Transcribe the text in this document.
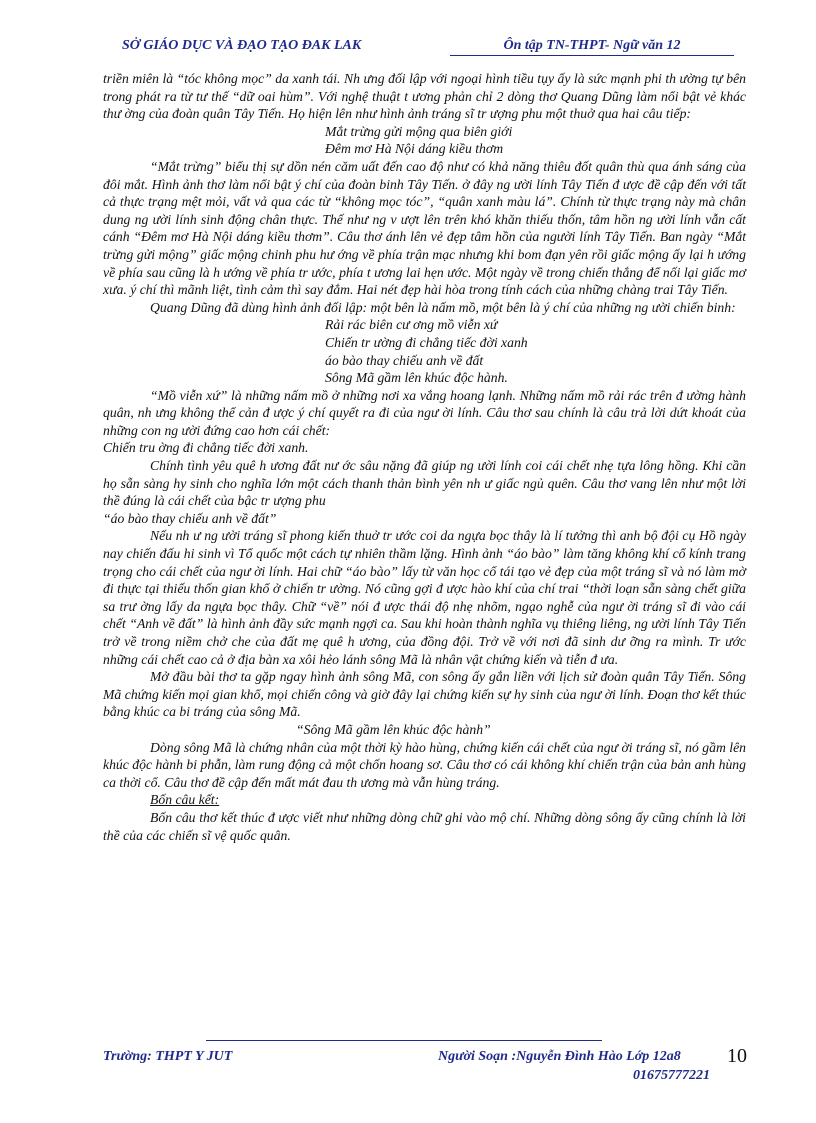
SỞ GIÁO DỤC VÀ ĐẠO TẠO ĐAK LAK	Ôn tập TN-THPT- Ngữ văn 12

triền miên là “tóc không mọc” da xanh tái. Nh ưng đối lập với ngoại hình tiều tụy ấy là sức mạnh phi th ường tự bên trong phát ra từ tư thế “dữ oai hùm”. Với nghệ thuật t ương phản chỉ 2 dòng thơ Quang Dũng làm nổi bật vẻ khác thư ờng của đoàn quân Tây Tiến. Họ hiện lên như hình ảnh tráng sĩ tr ượng phu một thuở qua hai câu tiếp:

Mắt trừng gửi mộng qua biên giới

Đêm mơ Hà Nội dáng kiều thơm

“Mắt trừng” biểu thị sự dồn nén căm uất đến cao độ như có khả năng thiêu đốt quân thù qua ánh sáng của đôi mắt. Hình ảnh thơ làm nổi bật ý chí của đoàn binh Tây Tiến. ở đây ng ười lính Tây Tiến đ ược đề cập đến với tất cả thực trạng mệt mỏi, vất vả qua các từ “không mọc tóc”, “quân xanh màu lá”. Chính từ thực trạng này mà chân dung ng ười lính sinh động chân thực. Thế như ng v ượt lên trên khó khăn thiếu thốn, tâm hồn ng ười lính vẫn cất cánh “Đêm mơ Hà Nội dáng kiều thơm”. Câu thơ ánh lên vẻ đẹp tâm hồn của người lính Tây Tiến. Ban ngày “Mắt trừng gửi mộng” giấc mộng chinh phu hư ớng về phía trận mạc nhưng khi bom đạn yên rồi giấc mộng ấy lại h ướng về phía sau cũng là h ướng về phía tr ước, phía t ương lai hẹn ước. Một ngày về trong chiến thắng để nối lại giấc mơ xưa. ý chí thì mãnh liệt, tình cảm thì say đắm. Hai nét đẹp hài hòa trong tính cách của những chàng trai Tây Tiến.

Quang Dũng đã dùng hình ảnh đối lập: một bên là nấm mồ, một bên là ý chí của những ng ười chiến binh:

Rải rác biên cư ơng mồ viễn xứ

Chiến tr ường đi chẳng tiếc đời xanh

áo bào thay chiếu anh về đất

Sông Mã gầm lên khúc độc hành.

“Mồ viễn xứ” là những nấm mồ ở những nơi xa vắng hoang lạnh. Những nấm mồ rải rác trên đ ường hành quân, nh ưng không thể cản đ ược ý chí quyết ra đi của ngư ời lính. Câu thơ sau chính là câu trả lời dứt khoát của những con ng ười đứng cao hơn cái chết:

Chiến tru ờng đi chẳng tiếc đời xanh.

Chính tình yêu quê h ương đất nư ớc sâu nặng đã giúp ng ười lính coi cái chết nhẹ tựa lông hồng. Khi cần họ sẵn sàng hy sinh cho nghĩa lớn một cách thanh thản bình yên nh ư giấc ngủ quên. Câu thơ vang lên như một lời thề đúng là cái chết của bậc tr ượng phu

“áo bào thay chiếu anh về đất”

Nếu nh ư ng ười tráng sĩ phong kiến thuở tr ước coi da ngựa bọc thây là lí tưởng thì anh bộ đội cụ Hồ ngày nay chiến đấu hi sinh vì Tổ quốc một cách tự nhiên thầm lặng. Hình ảnh “áo bào” làm tăng không khí cổ kính trang trọng cho cái chết của ngư ời lính. Hai chữ “áo bào” lấy từ văn học cổ tái tạo vẻ đẹp của một tráng sĩ và nó làm mờ đi thực tại thiếu thốn gian khổ ở chiến tr ường. Nó cũng gợi đ ược hào khí của chí trai “thời loạn sẵn sàng chết giữa sa trư ờng lấy da ngựa bọc thây. Chữ “về” nói đ ược thái độ nhẹ nhõm, ngạo nghễ của ngư ời tráng sĩ đi vào cái chết “Anh về đất” là hình ảnh đầy sức mạnh ngợi ca. Sau khi hoàn thành nghĩa vụ thiêng liêng, ng ười lính Tây Tiến trở về trong niềm chở che của đất mẹ quê h ương, của đồng đội. Trở về với nơi đã sinh dư ỡng ra mình. Tr ước những cái chết cao cả ở địa bàn xa xôi hẻo lánh sông Mã là nhân vật chứng kiến và tiễn đ ưa.

Mở đầu bài thơ ta gặp ngay hình ảnh sông Mã, con sông ấy gắn liền với lịch sử đoàn quân Tây Tiến. Sông Mã chứng kiến mọi gian khổ, mọi chiến công và giờ đây lại chứng kiến sự hy sinh của ngư ời lính. Đoạn thơ kết thúc bằng khúc ca bi tráng của sông Mã.

“Sông Mã gầm lên khúc độc hành”

Dòng sông Mã là chứng nhân của một thời kỳ hào hùng, chứng kiến cái chết của ngư ời tráng sĩ, nó gầm lên khúc độc hành bi phẫn, làm rung động cả một chốn hoang sơ. Câu thơ có cái không khí chiến trận của bản anh hùng ca thời cổ. Câu thơ đề cập đến mất mát đau th ương mà vẫn hùng tráng.

Bốn câu kết:

Bốn câu thơ kết thúc đ ược viết như những dòng chữ ghi vào mộ chí. Những dòng sông ấy cũng chính là lời thề của các chiến sĩ vệ quốc quân.

Trường: THPT Y JUT	Người Soạn :Nguyễn Đình Hào Lớp 12a8
01675777221
10
